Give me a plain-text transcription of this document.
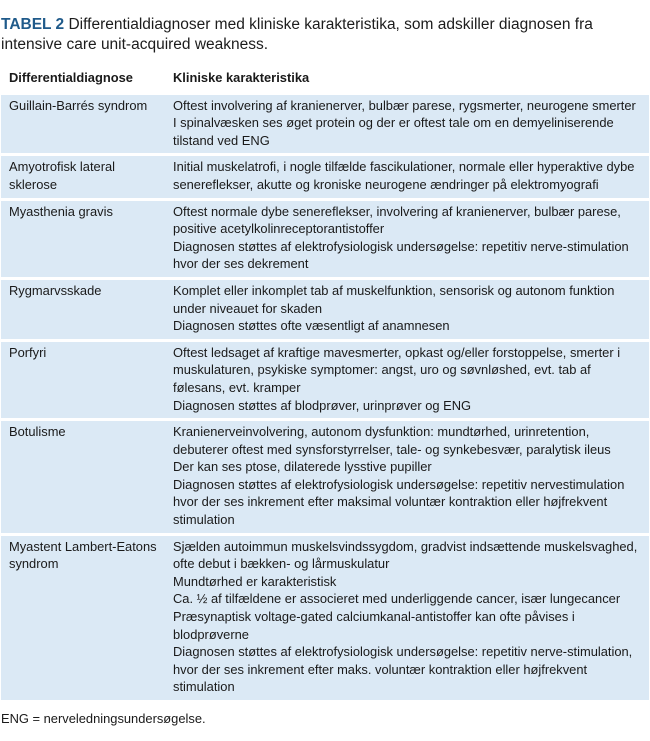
TABEL 2 Differentialdiagnoser med kliniske karakteristika, som adskiller diagnosen fra intensive care unit-acquired weakness.
Differentialdiagnose	Kliniske karakteristika
Guillain-Barrés syndrom	Oftest involvering af kranienerver, bulbær parese, rygsmerter, neurogene smerter
I spinalvæsken ses øget protein og der er oftest tale om en demyeliniserende tilstand ved ENG

Amyotrofisk lateral sklerose	Initial muskelatrofi, i nogle tilfælde fascikulationer, normale eller hyperaktive dybe senereflekser, akutte og kroniske neurogene ændringer på elektromyografi

Myasthenia gravis	Oftest normale dybe senereflekser, involvering af kranienerver, bulbær parese, positive acetylkolinreceptorantistoffer
Diagnosen støttes af elektrofysiologisk undersøgelse: repetitiv nerve-stimulation hvor der ses dekrement

Rygmarvsskade	Komplet eller inkomplet tab af muskelfunktion, sensorisk og autonom funktion under niveauet for skaden
Diagnosen støttes ofte væsentligt af anamnesen

Porfyri	Oftest ledsaget af kraftige mavesmerter, opkast og/eller forstoppelse, smerter i muskulaturen, psykiske symptomer: angst, uro og søvnløshed, evt. tab af følesans, evt. kramper
Diagnosen støttes af blodprøver, urinprøver og ENG

Botulisme	Kranienerveinvolvering, autonom dysfunktion: mundtørhed, urinretention, debuterer oftest med synsforstyrrelser, tale- og synkebesvær, paralytisk ileus
Der kan ses ptose, dilaterede lysstive pupiller
Diagnosen støttes af elektrofysiologisk undersøgelse: repetitiv nervestimulation hvor der ses inkrement efter maksimal voluntær kontraktion eller højfrekvent stimulation

Myastent Lambert-Eatons syndrom	Sjælden autoimmun muskelsvindssygdom, gradvist indsættende muskelsvaghed, ofte debut i bækken- og lårmuskulatur
Mundtørhed er karakteristisk
Ca. ½ af tilfældene er associeret med underliggende cancer, især lungecancer
Præsynaptisk voltage-gated calciumkanal-antistoffer kan ofte påvises i blodprøverne
Diagnosen støttes af elektrofysiologisk undersøgelse: repetitiv nerve-stimulation, hvor der ses inkrement efter maks. voluntær kontraktion eller højfrekvent stimulation
ENG = nerveledningsundersøgelse.
